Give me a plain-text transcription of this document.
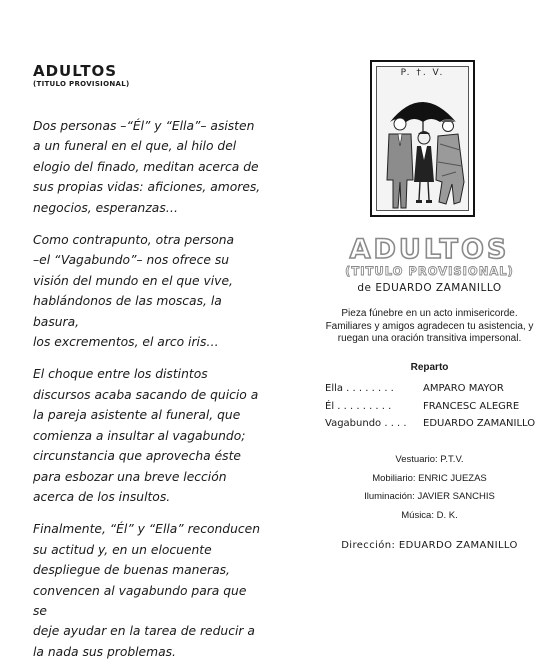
ADULTOS
(TITULO PROVISIONAL)

Dos personas –“Él” y “Ella”– asisten
a un funeral en el que, al hilo del
elogio del finado, meditan acerca de
sus propias vidas: aficiones, amores,
negocios, esperanzas…

Como contrapunto, otra persona
–el “Vagabundo”– nos ofrece su
visión del mundo en el que vive,
hablándonos de las moscas, la basura,
los excrementos, el arco iris…

El choque entre los distintos
discursos acaba sacando de quicio a
la pareja asistente al funeral, que
comienza a insultar al vagabundo;
circunstancia que aprovecha éste
para esbozar una breve lección
acerca de los insultos.

Finalmente, “Él” y “Ella” reconducen
su actitud y, en un elocuente
despliegue de buenas maneras,
convencen al vagabundo para que se
deje ayudar en la tarea de reducir a
la nada sus problemas.

P. †. V.
ADULTOS
(TITULO PROVISIONAL)
de EDUARDO ZAMANILLO

Pieza fúnebre en un acto inmisericorde.
Familiares y amigos agradecen tu asistencia, y
ruegan una oración transitiva impersonal.

Reparto
Ella . . . . . . . .	AMPARO MAYOR
Él . . . . . . . . .	FRANCESC ALEGRE
Vagabundo . . . .	EDUARDO ZAMANILLO
Vestuario: P.T.V.
Mobiliario: ENRIC JUEZAS
Iluminación: JAVIER SANCHIS
Música: D. K.
Dirección: EDUARDO ZAMANILLO
